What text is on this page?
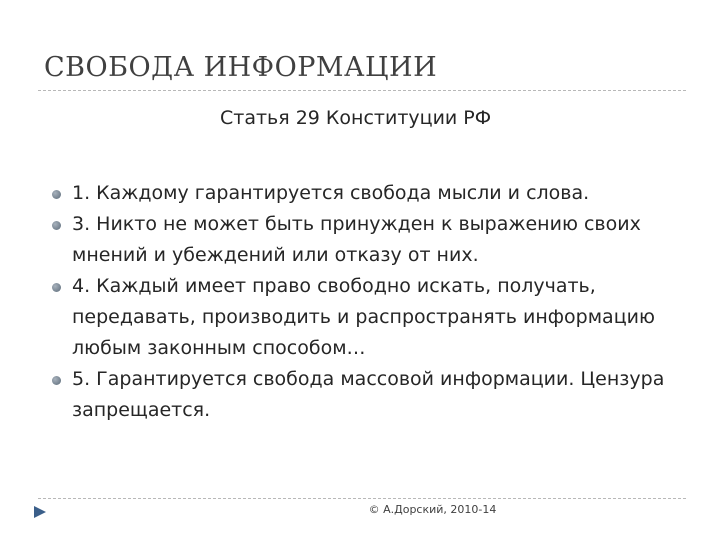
СВОБОДА ИНФОРМАЦИИ
Статья 29 Конституции РФ
1. Каждому гарантируется свобода мысли и слова.
3. Никто не может быть принужден к выражению своих мнений и убеждений или отказу от них.
4. Каждый имеет право свободно искать, получать, передавать, производить и распространять информацию любым законным способом…
5. Гарантируется свобода массовой информации. Цензура запрещается.
© А.Дорский, 2010-14
